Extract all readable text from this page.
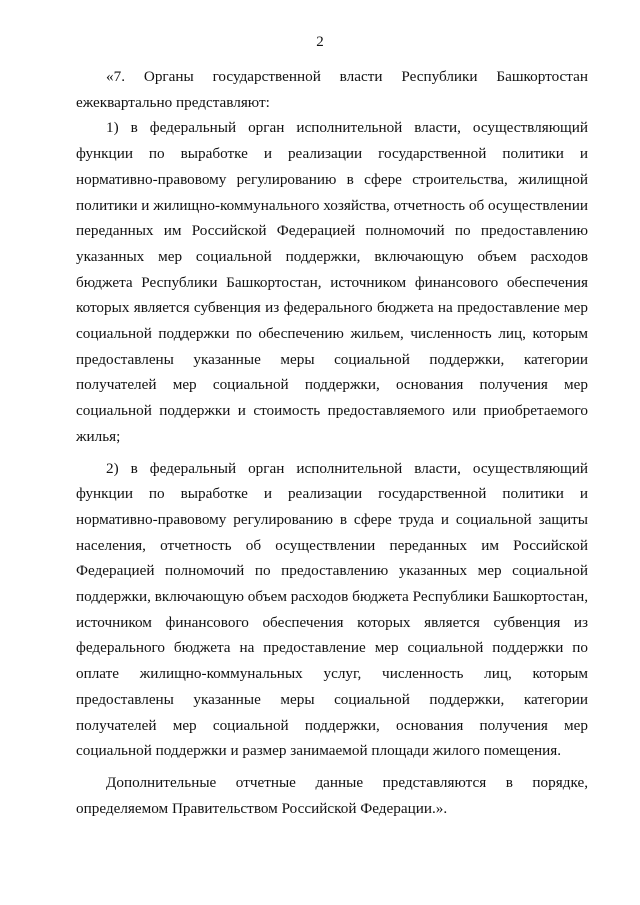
2

«7. Органы государственной власти Республики Башкортостан ежеквартально представляют:

1) в федеральный орган исполнительной власти, осуществляющий функции по выработке и реализации государственной политики и нормативно-правовому регулированию в сфере строительства, жилищной политики и жилищно-коммунального хозяйства, отчетность об осуществлении переданных им Российской Федерацией полномочий по предоставлению указанных мер социальной поддержки, включающую объем расходов бюджета Республики Башкортостан, источником финансового обеспечения которых является субвенция из федерального бюджета на предоставление мер социальной поддержки по обеспечению жильем, численность лиц, которым предоставлены указанные меры социальной поддержки, категории получателей мер социальной поддержки, основания получения мер социальной поддержки и стоимость предоставляемого или приобретаемого жилья;

2) в федеральный орган исполнительной власти, осуществляющий функции по выработке и реализации государственной политики и нормативно-правовому регулированию в сфере труда и социальной защиты населения, отчетность об осуществлении переданных им Российской Федерацией полномочий по предоставлению указанных мер социальной поддержки, включающую объем расходов бюджета Республики Башкортостан, источником финансового обеспечения которых является субвенция из федерального бюджета на предоставление мер социальной поддержки по оплате жилищно-коммунальных услуг, численность лиц, которым предоставлены указанные меры социальной поддержки, категории получателей мер социальной поддержки, основания получения мер социальной поддержки и размер занимаемой площади жилого помещения.

Дополнительные отчетные данные представляются в порядке, определяемом Правительством Российской Федерации.».
